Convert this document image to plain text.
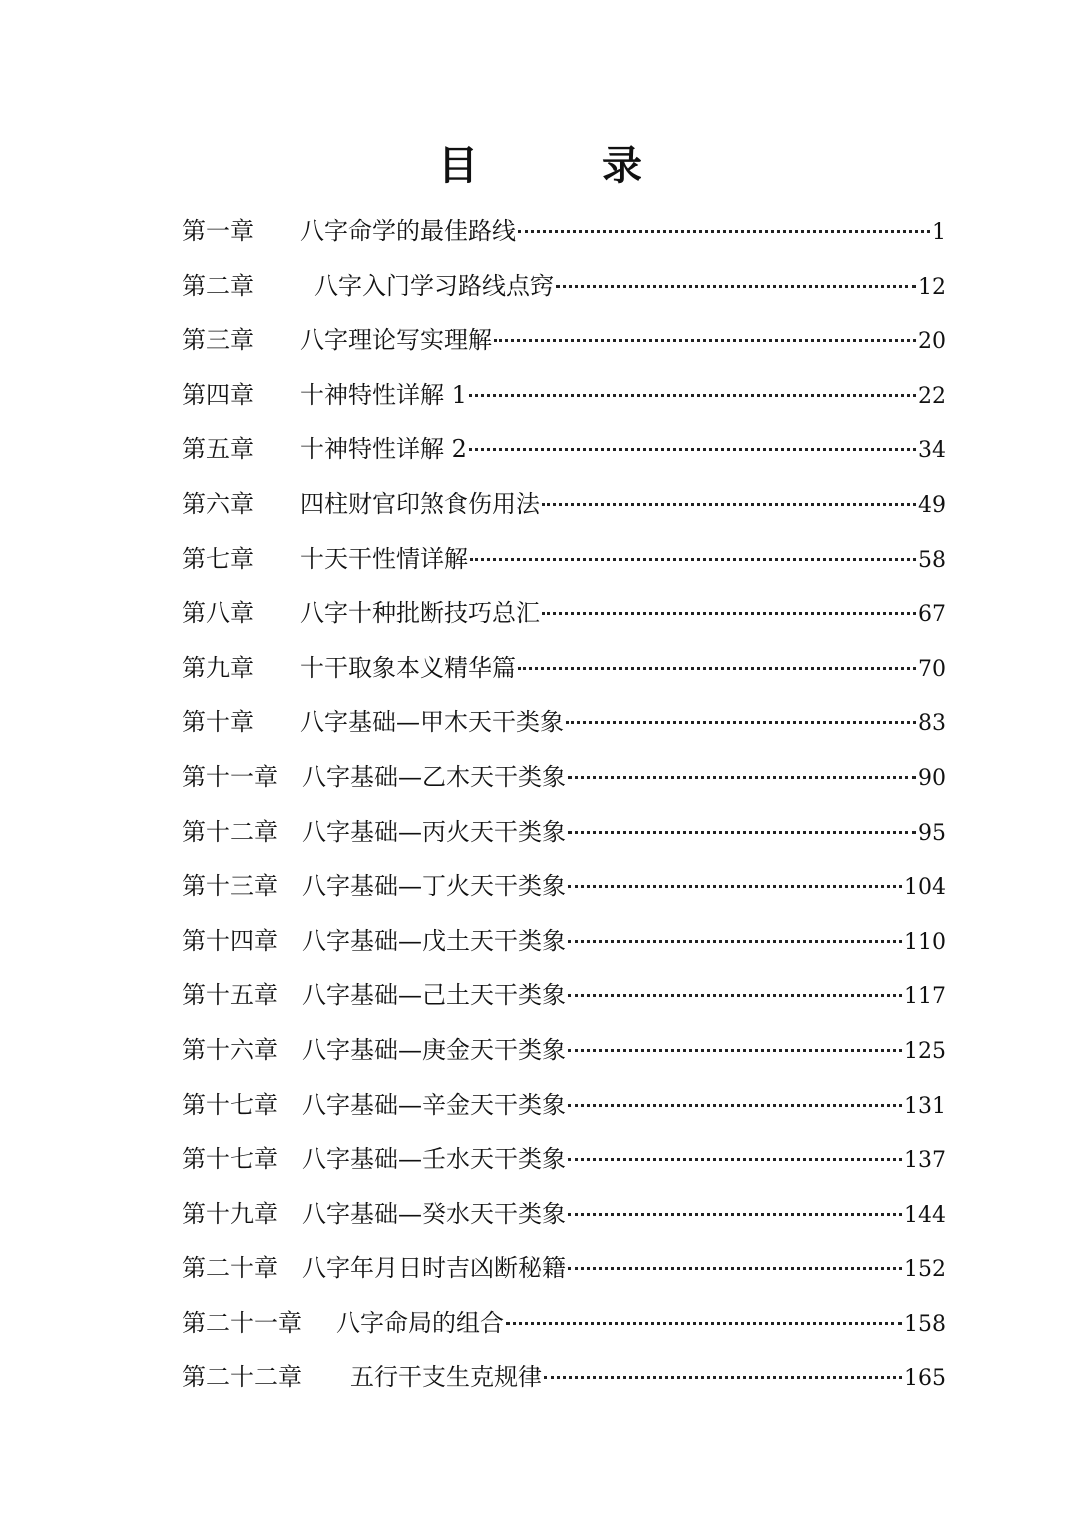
目　录
第一章	八字命学的最佳路线	1
第二章	八字入门学习路线点窍	12
第三章	八字理论写实理解	20
第四章	十神特性详解 1	22
第五章	十神特性详解 2	34
第六章	四柱财官印煞食伤用法	49
第七章	十天干性情详解	58
第八章	八字十种批断技巧总汇	67
第九章	十干取象本义精华篇	70
第十章	八字基础—甲木天干类象	83
第十一章	八字基础—乙木天干类象	90
第十二章	八字基础—丙火天干类象	95
第十三章	八字基础—丁火天干类象	104
第十四章	八字基础—戊土天干类象	110
第十五章	八字基础—己土天干类象	117
第十六章	八字基础—庚金天干类象	125
第十七章	八字基础—辛金天干类象	131
第十七章	八字基础—壬水天干类象	137
第十九章	八字基础—癸水天干类象	144
第二十章	八字年月日时吉凶断秘籍	152
第二十一章	八字命局的组合	158
第二十二章	五行干支生克规律	165
